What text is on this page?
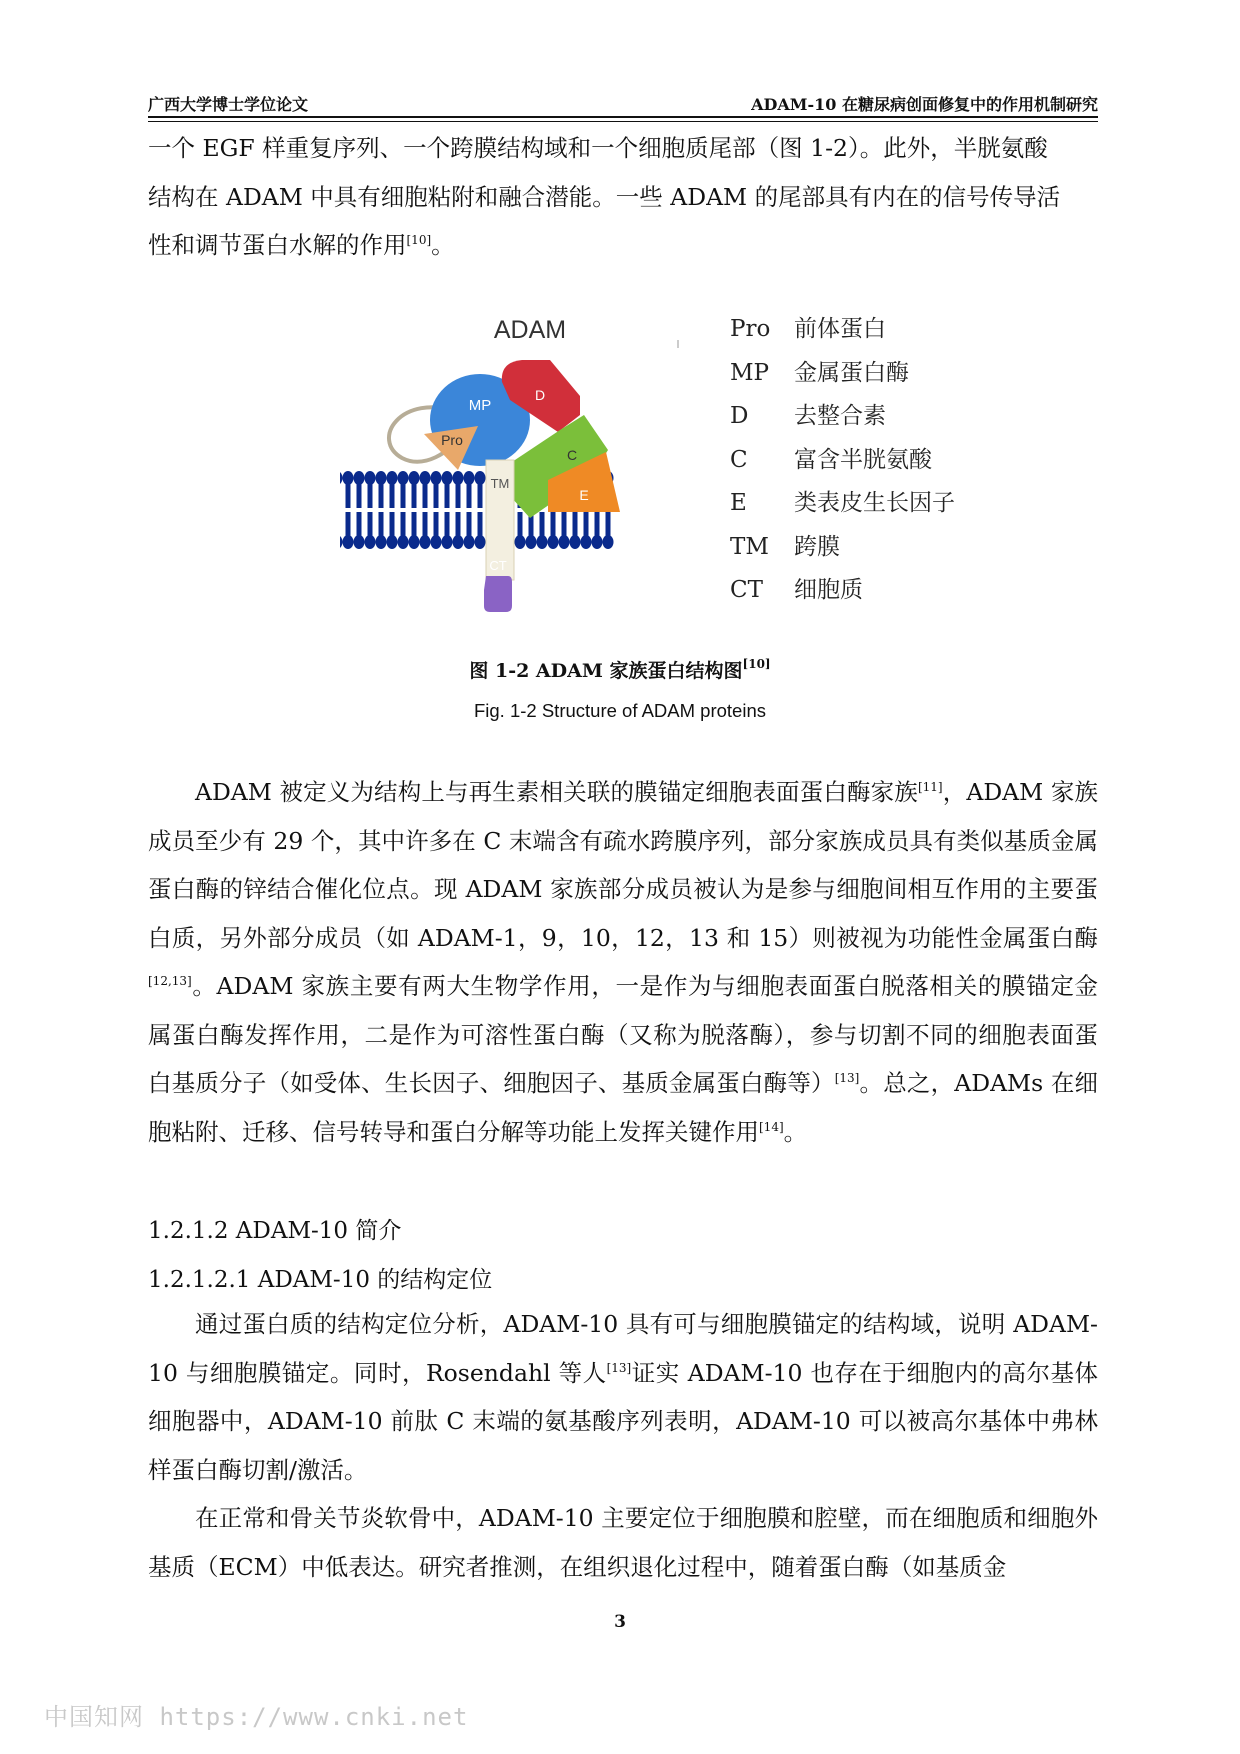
广西大学博士学位论文	ADAM-10 在糖尿病创面修复中的作用机制研究

一个 EGF 样重复序列、一个跨膜结构域和一个细胞质尾部（图 1-2）。此外，半胱氨酸

结构在 ADAM 中具有细胞粘附和融合潜能。一些 ADAM 的尾部具有内在的信号传导活

性和调节蛋白水解的作用[10]。

ADAM
MP
Pro
D
C
E
TM
CT
Pro 前体蛋白
MP 金属蛋白酶
D 去整合素
C 富含半胱氨酸
E 类表皮生长因子
TM 跨膜
CT 细胞质
图 1-2 ADAM 家族蛋白结构图[10]
Fig. 1-2 Structure of ADAM proteins

ADAM 被定义为结构上与再生素相关联的膜锚定细胞表面蛋白酶家族[11]，ADAM 家族成员至少有 29 个，其中许多在 C 末端含有疏水跨膜序列，部分家族成员具有类似基质金属蛋白酶的锌结合催化位点。现 ADAM 家族部分成员被认为是参与细胞间相互作用的主要蛋白质，另外部分成员（如 ADAM-1，9，10，12，13 和 15）则被视为功能性金属蛋白酶[12,13]。ADAM 家族主要有两大生物学作用，一是作为与细胞表面蛋白脱落相关的膜锚定金属蛋白酶发挥作用，二是作为可溶性蛋白酶（又称为脱落酶），参与切割不同的细胞表面蛋白基质分子（如受体、生长因子、细胞因子、基质金属蛋白酶等）[13]。总之，ADAMs 在细胞粘附、迁移、信号转导和蛋白分解等功能上发挥关键作用[14]。

1.2.1.2 ADAM-10 简介
1.2.1.2.1 ADAM-10 的结构定位

通过蛋白质的结构定位分析，ADAM-10 具有可与细胞膜锚定的结构域，说明 ADAM-10 与细胞膜锚定。同时，Rosendahl 等人[13]证实 ADAM-10 也存在于细胞内的高尔基体细胞器中，ADAM-10 前肽 C 末端的氨基酸序列表明，ADAM-10 可以被高尔基体中弗林样蛋白酶切割/激活。

在正常和骨关节炎软骨中，ADAM-10 主要定位于细胞膜和腔壁，而在细胞质和细胞外基质（ECM）中低表达。研究者推测，在组织退化过程中，随着蛋白酶（如基质金

3
中国知网 https://www.cnki.net
